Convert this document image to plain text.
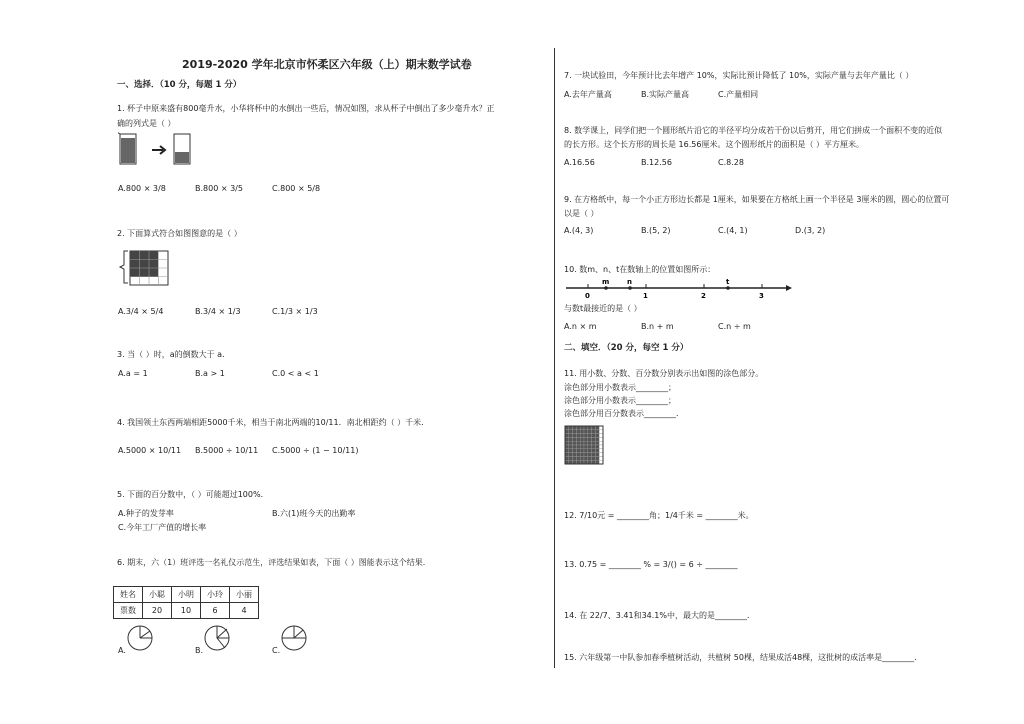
2019-2020 学年北京市怀柔区六年级（上）期末数学试卷
一、选择．（10 分，每题 1 分）
1. 杯子中原来盛有800毫升水，小华将杯中的水倒出一些后，情况如图，求从杯子中倒出了多少毫升水？正
确的列式是（ ）
A.800 × 3/8	B.800 × 3/5	C.800 × 5/8
2. 下面算式符合如图图意的是（ ）
A.3/4 × 5/4	B.3/4 × 1/3	C.1/3 × 1/3
3. 当（ ）时，a的倒数大于 a．
A.a = 1	B.a > 1	C.0 < a < 1
4. 我国领土东西两端相距5000千米，相当于南北两端的10/11．南北相距约（ ）千米．
A.5000 × 10/11 B.5000 ÷ 10/11 C.5000 ÷ (1 − 10/11)
5. 下面的百分数中，（ ）可能超过100%．
A.种子的发芽率	B.六(1)班今天的出勤率
C.今年工厂产值的增长率
6. 期末，六（1）班评选一名礼仪示范生，评选结果如表，下面（ ）图能表示这个结果．
姓名	小聪	小明	小玲	小丽
票数	20	10	6	4
A.	B.	C.
7. 一块试验田，今年预计比去年增产 10%，实际比预计降低了 10%，实际产量与去年产量比（ ）
A.去年产量高	B.实际产量高	C.产量相同
8. 数学课上，同学们把一个圆形纸片沿它的半径平均分成若干份以后剪开，用它们拼成一个面积不变的近似
的长方形。这个长方形的周长是 16.56厘米。这个圆形纸片的面积是（ ）平方厘米。
A.16.56	B.12.56	C.8.28
9. 在方格纸中，每一个小正方形边长都是 1厘米，如果要在方格纸上画一个半径是 3厘米的圆，圆心的位置可
以是（ ）
A.(4, 3)	B.(5, 2)	C.(4, 1)	D.(3, 2)
10. 数m、n、t在数轴上的位置如图所示：
0	1	2	3
m	n	t
与数t最接近的是（ ）
A.n × m	B.n + m	C.n ÷ m
二、填空．（20 分，每空 1 分）
11. 用小数、分数、百分数分别表示出如图的涂色部分。
涂色部分用小数表示________；
涂色部分用小数表示________；
涂色部分用百分数表示________．
12. 7/10元 = ________角；1/4千米 = ________米。
13. 0.75 = ________ % = 3/() = 6 ÷ ________
14. 在 22/7、3.41和34.1%中，最大的是________．
15. 六年级第一中队参加春季植树活动，共植树 50棵，结果成活48棵，这批树的成活率是________．
